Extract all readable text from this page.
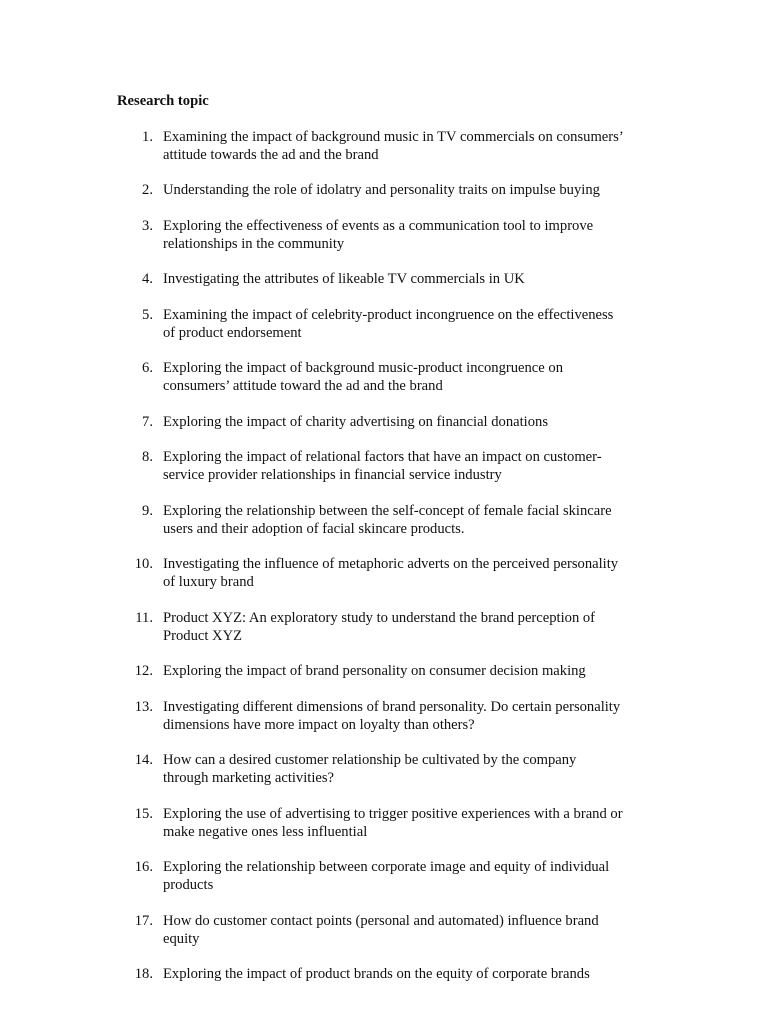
Research topic
1. Examining the impact of background music in TV commercials on consumers’
attitude towards the ad and the brand
2. Understanding the role of idolatry and personality traits on impulse buying
3. Exploring the effectiveness of events as a communication tool to improve
relationships in the community
4. Investigating the attributes of likeable TV commercials in UK
5. Examining the impact of celebrity-product incongruence on the effectiveness
of product endorsement
6. Exploring the impact of background music-product incongruence on
consumers’ attitude toward the ad and the brand
7. Exploring the impact of charity advertising on financial donations
8. Exploring the impact of relational factors that have an impact on customer-
service provider relationships in financial service industry
9. Exploring the relationship between the self-concept of female facial skincare
users and their adoption of facial skincare products.
10. Investigating the influence of metaphoric adverts on the perceived personality
of luxury brand
11. Product XYZ: An exploratory study to understand the brand perception of
Product XYZ
12. Exploring the impact of brand personality on consumer decision making
13. Investigating different dimensions of brand personality. Do certain personality
dimensions have more impact on loyalty than others?
14. How can a desired customer relationship be cultivated by the company
through marketing activities?
15. Exploring the use of advertising to trigger positive experiences with a brand or
make negative ones less influential
16. Exploring the relationship between corporate image and equity of individual
products
17. How do customer contact points (personal and automated) influence brand
equity
18. Exploring the impact of product brands on the equity of corporate brands
